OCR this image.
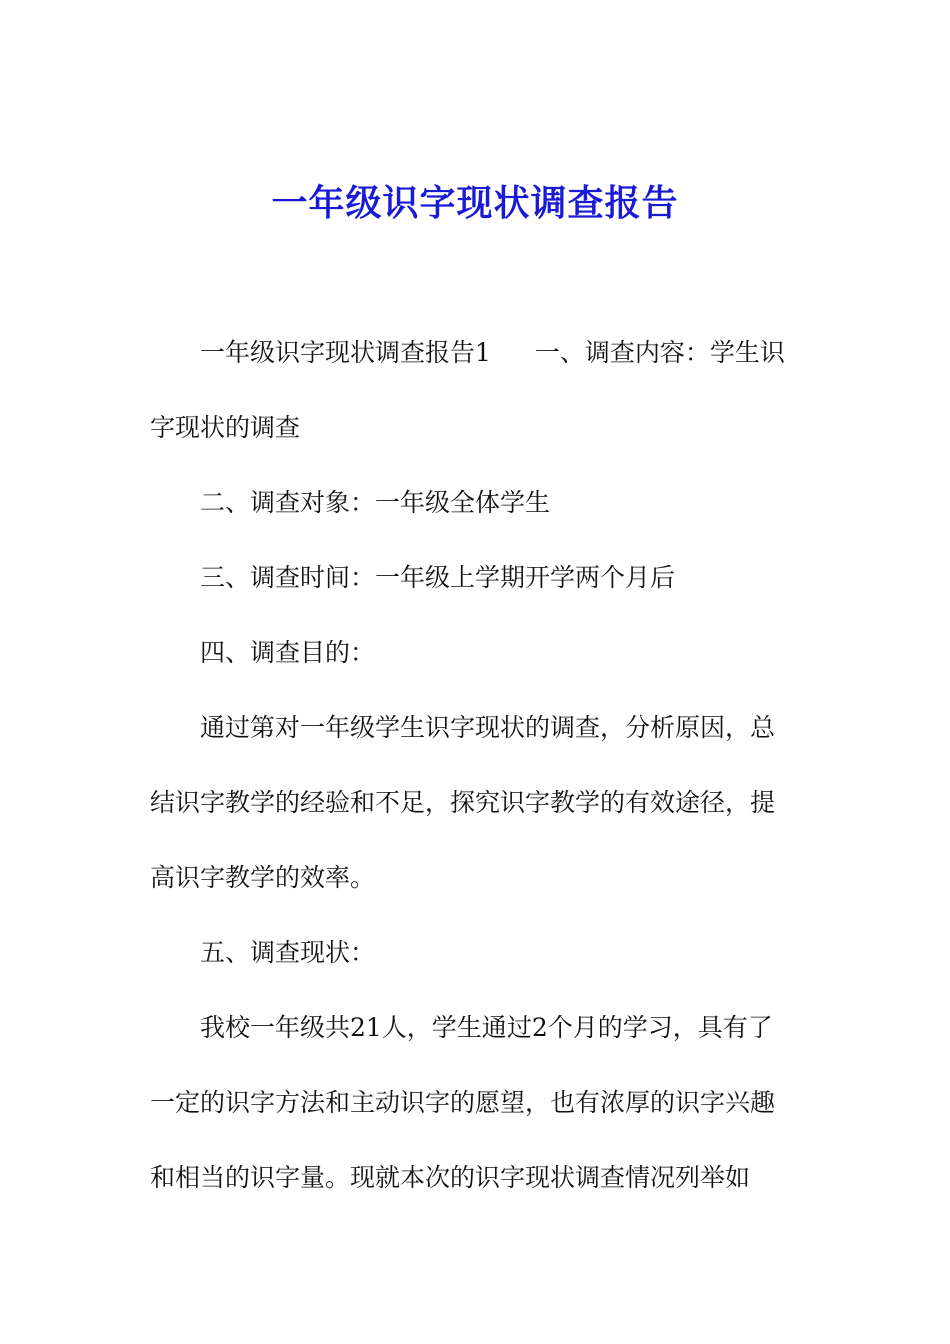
一年级识字现状调查报告
一年级识字现状调查报告1 一、调查内容：学生识
字现状的调查
二、调查对象：一年级全体学生
三、调查时间：一年级上学期开学两个月后
四、调查目的：
通过第对一年级学生识字现状的调查，分析原因，总
结识字教学的经验和不足，探究识字教学的有效途径，提
高识字教学的效率。
五、调查现状：
我校一年级共21人，学生通过2个月的学习，具有了
一定的识字方法和主动识字的愿望，也有浓厚的识字兴趣
和相当的识字量。现就本次的识字现状调查情况列举如
